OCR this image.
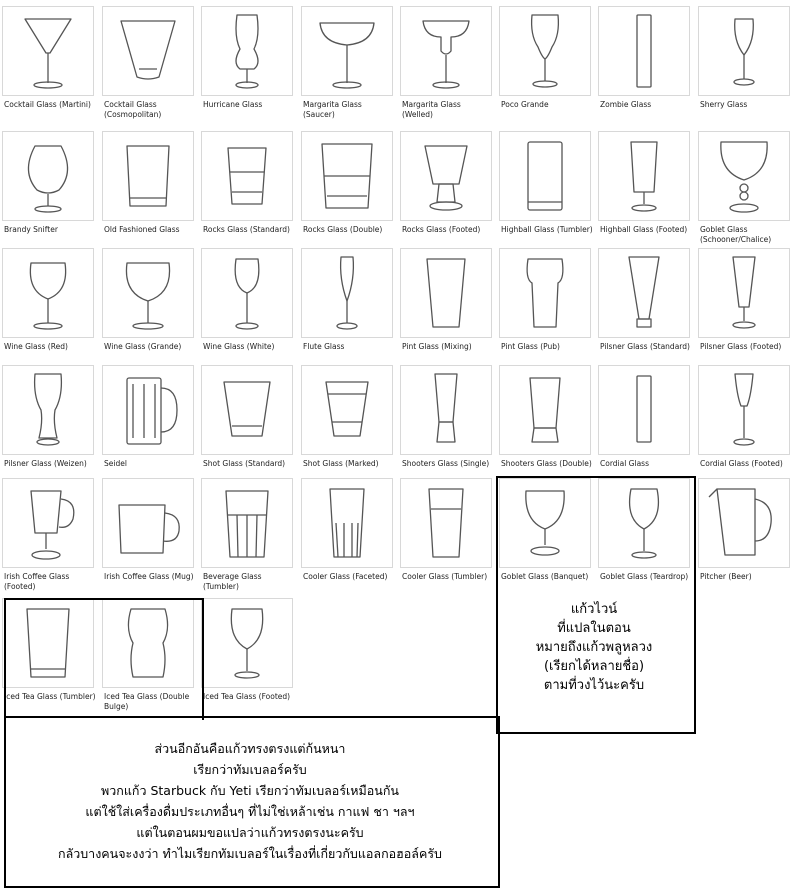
Cocktail Glass (Martini)	Cocktail Glass (Cosmopolitan)
Hurricane Glass	Margarita Glass (Saucer)
Margarita Glass (Welled)
Poco Grande	Zombie Glass	Sherry Glass
Brandy Snifter	Old Fashioned Glass	Rocks Glass (Standard)	Rocks Glass (Double)	Rocks Glass (Footed)	Highball Glass (Tumbler) Highball Glass (Footed)	Goblet Glass (Schooner/Chalice)
Wine Glass (Red)	Wine Glass (Grande)	Wine Glass (White)	Flute Glass	Pint Glass (Mixing)	Pint Glass (Pub)	Pilsner Glass (Standard) Pilsner Glass (Footed)
Pilsner Glass (Weizen)	Seidel	Shot Glass (Standard)	Shot Glass (Marked)	Shooters Glass (Single)	Shooters Glass (Double) Cordial Glass	Cordial Glass (Footed)
Irish Coffee Glass (Footed)
Irish Coffee Glass (Mug)	Beverage Glass (Tumbler)
Cooler Glass (Faceted)	Cooler Glass (Tumbler)	Goblet Glass (Banquet)	Goblet Glass (Teardrop)	Pitcher (Beer)
Iced Tea Glass (Tumbler) Iced Tea Glass (Double Bulge)
Iced Tea Glass (Footed)
แก้วไวน์
ที่แปลในตอน
หมายถึงแก้วพลูหลวง
(เรียกได้หลายชื่อ)
ตามที่วงไว้นะครับ
ส่วนอีกอันคือแก้วทรงตรงแต่ก้นหนา
เรียกว่าทัมเบลอร์ครับ
พวกแก้ว Starbuck กับ Yeti เรียกว่าทัมเบลอร์เหมือนกัน
แต่ใช้ใส่เครื่องดื่มประเภทอื่นๆ ที่ไม่ใช่เหล้าเช่น กาแฟ ชา ฯลฯ
แต่ในตอนผมขอแปลว่าแก้วทรงตรงนะครับ
กลัวบางคนจะงงว่า ทำไมเรียกทัมเบลอร์ในเรื่องที่เกี่ยวกับแอลกอฮอล์ครับ
